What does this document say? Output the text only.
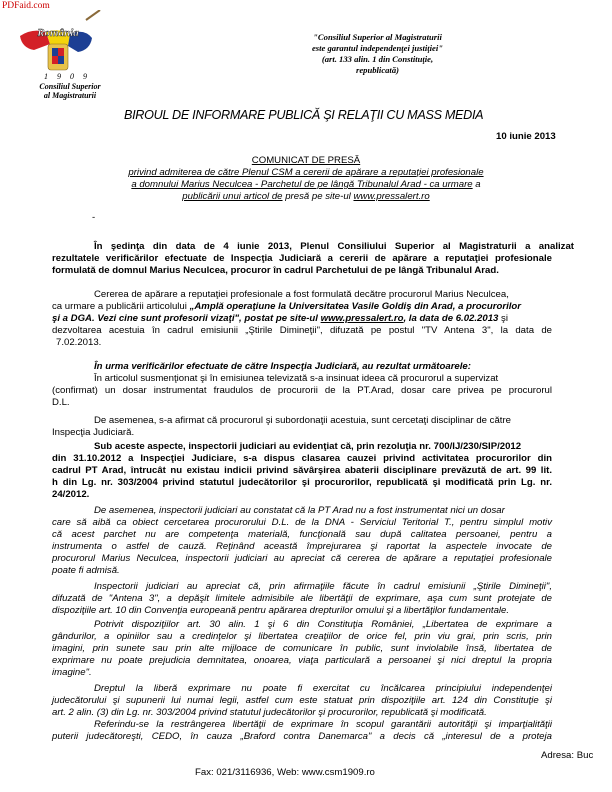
PDFaid.com
România
1909
Consiliul Superior
al Magistraturii
"Consiliul Superior al Magistraturii
este garantul independenţei justiţiei"
(art. 133 alin. 1 din Constituţie,
republicată)
BIROUL DE INFORMARE PUBLICĂ ŞI RELAŢII CU MASS MEDIA
10 iunie 2013
COMUNICAT DE PRESĂ
privind admiterea de către Plenul CSM a cererii de apărare a reputaţiei profesionale
a domnului Marius Neculcea - Parchetul de pe lângă Tribunalul Arad - ca urmare a
publicării unui articol de presă pe site-ul www.pressalert.ro
-
În şedinţa din data de 4 iunie 2013, Plenul Consiliului Superior al Magistraturii a analizat
rezultatele verificărilor efectuate de Inspecţia Judiciară a cererii de apărare a reputaţiei profesionale
formulată de domnul Marius Neculcea, procuror în cadrul Parchetului de pe lângă Tribunalul Arad.
Cererea de apărare a reputaţiei profesionale a fost formulată decătre procurorul Marius Neculcea,
ca urmare a publicării articolului „Amplă operaţiune la Universitatea Vasile Goldiş din Arad, a procurorilor
şi a DGA. Vezi cine sunt profesorii vizaţi", postat pe site-ul www.pressalert.ro, la data de 6.02.2013 şi
dezvoltarea acestuia în cadrul emisiunii „Ştirile Dimineţii", difuzată pe postul "TV Antena 3", la data de
7.02.2013.
În urma verificărilor efectuate de către Inspecţia Judiciară, au rezultat următoarele:
În articolul susmenţionat şi în emisiunea televizată s-a insinuat ideea că procurorul a supervizat
(confirmat) un dosar instrumentat fraudulos de procurorii de la PT.Arad, dosar care privea pe procurorul
D.L.
De asemenea, s-a afirmat că procurorul şi subordonaţii acestuia, sunt cercetaţi disciplinar de către
Inspecţia Judiciară.
Sub aceste aspecte, inspectorii judiciari au evidenţiat că, prin rezoluţia nr. 700/IJ/230/SIP/2012
din 31.10.2012 a Inspecţiei Judiciare, s-a dispus clasarea cauzei privind activitatea procurorilor din
cadrul PT Arad, întrucât nu existau indicii privind săvârşirea abaterii disciplinare prevăzută de art. 99 lit.
h din Lg. nr. 303/2004 privind statutul judecătorilor şi procurorilor, republicată şi modificată prin Lg. nr.
24/2012.
De asemenea, inspectorii judiciari au constatat că la PT Arad nu a fost instrumentat nici un dosar
care să aibă ca obiect cercetarea procurorului D.L. de la DNA - Serviciul Teritorial T., pentru simplul motiv
că acest parchet nu are competenţa materială, funcţională sau după calitatea persoanei, pentru a
instrumenta o astfel de cauză. Reţinând această împrejurarea şi raportat la aspectele invocate de
procurorul Marius Neculcea, inspectorii judiciari au apreciat că cererea de apărare a reputaţiei profesionale
poate fi admisă.
Inspectorii judiciari au apreciat că, prin afirmaţiile făcute în cadrul emisiunii „Ştirile Dimineţii",
difuzată de "Antena 3", a depăşit limitele admisibile ale libertăţii de exprimare, aşa cum sunt protejate de
dispoziţiile art. 10 din Convenţia europeană pentru apărarea drepturilor omului şi a libertăţilor fundamentale.
Potrivit dispoziţiilor art. 30 alin. 1 şi 6 din Constituţia României, „Libertatea de exprimare a
gândurilor, a opiniilor sau a credinţelor şi libertatea creaţiilor de orice fel, prin viu grai, prin scris, prin
imagini, prin sunete sau prin alte mijloace de comunicare în public, sunt inviolabile însă, libertatea de
exprimare nu poate prejudicia demnitatea, onoarea, viaţa particulară a persoanei şi nici dreptul la propria
imagine".
Dreptul la liberă exprimare nu poate fi exercitat cu încălcarea principiului independenţei
judecătorului şi supunerii lui numai legii, astfel cum este statuat prin dispoziţiile art. 124 din Constituţie şi
art. 2 alin. (3) din Lg. nr. 303/2004 privind statutul judecătorilor şi procurorilor, republicată şi modificată.
Referindu-se la restrângerea libertăţii de exprimare în scopul garantării autorităţii şi imparţialităţii
puterii judecătoreşti, CEDO, în cauza „Braford contra Danemarca" a decis că „interesul de a proteja
Adresa: Buc
Fax: 021/3116936, Web: www.csm1909.ro
